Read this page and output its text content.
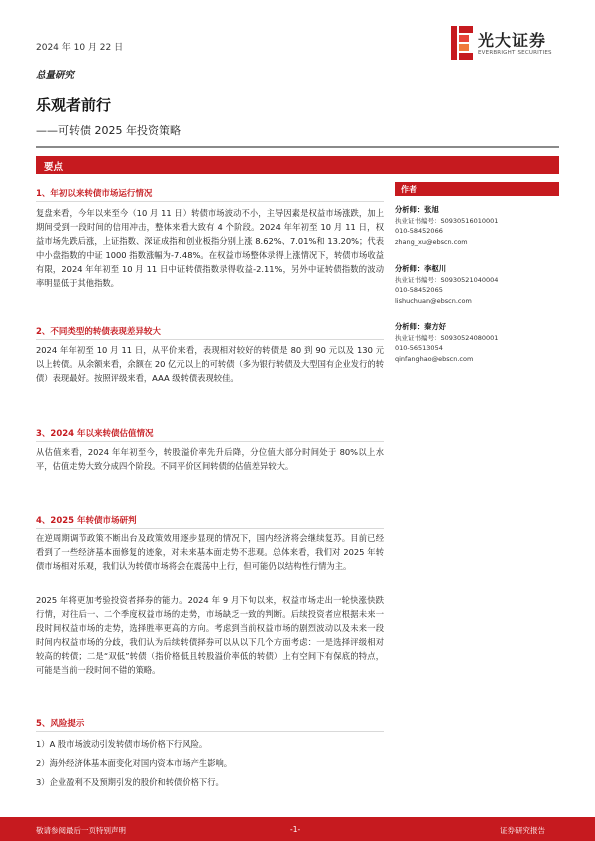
2024 年 10 月 22 日	光大证券
EVERBRIGHT SECURITIES
总量研究
乐观者前行
——可转债 2025 年投资策略
要点
1、年初以来转债市场运行情况

复盘来看，今年以来至今（10 月 11 日）转债市场波动不小，主导因素是权益市场涨跌，加上期间受到一段时间的信用冲击，整体来看大致有 4 个阶段。2024 年年初至 10 月 11 日，权益市场先跌后涨，上证指数、深证成指和创业板指分别上涨 8.62%、7.01%和 13.20%；代表中小盘指数的中证 1000 指数涨幅为-7.48%。在权益市场整体录得上涨情况下，转债市场收益有限，2024 年年初至 10 月 11 日中证转债指数录得收益-2.11%，另外中证转债指数的波动率明显低于其他指数。

2、不同类型的转债表现差异较大

2024 年年初至 10 月 11 日，从平价来看，表现相对较好的转债是 80 到 90 元以及 130 元以上转债。从余额来看，余额在 20 亿元以上的可转债（多为银行转债及大型国有企业发行的转债）表现最好。按照评级来看，AAA 级转债表现较佳。

3、2024 年以来转债估值情况

从估值来看，2024 年年初至今，转股溢价率先升后降，分位值大部分时间处于 80%以上水平，估值走势大致分成四个阶段。不同平价区间转债的估值差异较大。

4、2025 年转债市场研判

在逆周期调节政策不断出台及政策效用逐步显现的情况下，国内经济将会继续复苏。目前已经看到了一些经济基本面修复的迹象，对未来基本面走势不悲观。总体来看，我们对 2025 年转债市场相对乐观，我们认为转债市场将会在震荡中上行，但可能仍以结构性行情为主。

2025 年将更加考验投资者择券的能力。2024 年 9 月下旬以来，权益市场走出一轮快涨快跌行情，对往后一、二个季度权益市场的走势，市场缺乏一致的判断。后续投资者应根据未来一段时间权益市场的走势，选择胜率更高的方向。考虑到当前权益市场的剧烈波动以及未来一段时间内权益市场的分歧，我们认为后续转债择券可以从以下几个方面考虑：一是选择评级相对较高的转债；二是“双低”转债（指价格低且转股溢价率低的转债）上有空间下有保底的特点，可能是当前一段时间不错的策略。

5、风险提示
1）A 股市场波动引发转债市场价格下行风险。
2）海外经济体基本面变化对国内资本市场产生影响。
3）企业盈利不及预期引发的股价和转债价格下行。
作者
分析师：张旭
执业证书编号：S0930516010001
010-58452066
zhang_xu@ebscn.com
分析师：李枢川
执业证书编号：S0930521040004
010-58452065
lishuchuan@ebscn.com
分析师：秦方好
执业证书编号：S0930524080001
010-56513054
qinfanghao@ebscn.com
敬请参阅最后一页特别声明	-1-	证券研究报告
